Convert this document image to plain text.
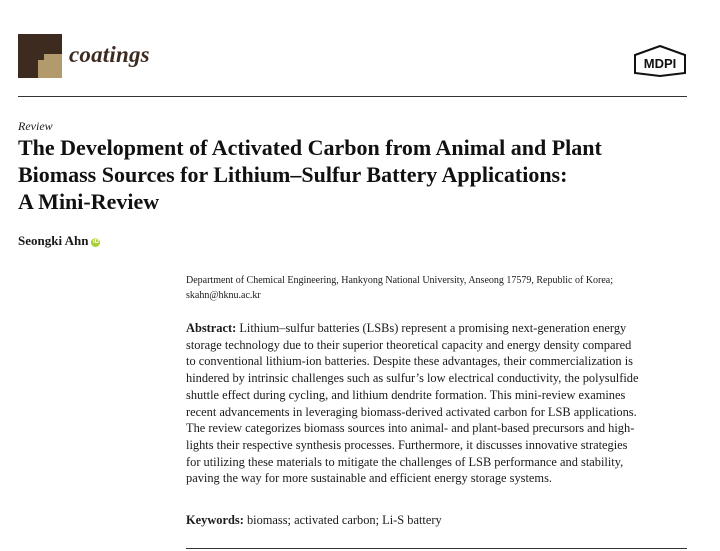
coatings	MDPI
Review
The Development of Activated Carbon from Animal and Plant
Biomass Sources for Lithium–Sulfur Battery Applications:
A Mini-Review
Seongki Ahn iD
Department of Chemical Engineering, Hankyong National University, Anseong 17579, Republic of Korea;
skahn@hknu.ac.kr
Abstract: Lithium–sulfur batteries (LSBs) represent a promising next-generation energy
storage technology due to their superior theoretical capacity and energy density compared
to conventional lithium-ion batteries. Despite these advantages, their commercialization is
hindered by intrinsic challenges such as sulfur’s low electrical conductivity, the polysulfide
shuttle effect during cycling, and lithium dendrite formation. This mini-review examines
recent advancements in leveraging biomass-derived activated carbon for LSB applications.
The review categorizes biomass sources into animal- and plant-based precursors and high-
lights their respective synthesis processes. Furthermore, it discusses innovative strategies
for utilizing these materials to mitigate the challenges of LSB performance and stability,
paving the way for more sustainable and efficient energy storage systems.
Keywords: biomass; activated carbon; Li-S battery
